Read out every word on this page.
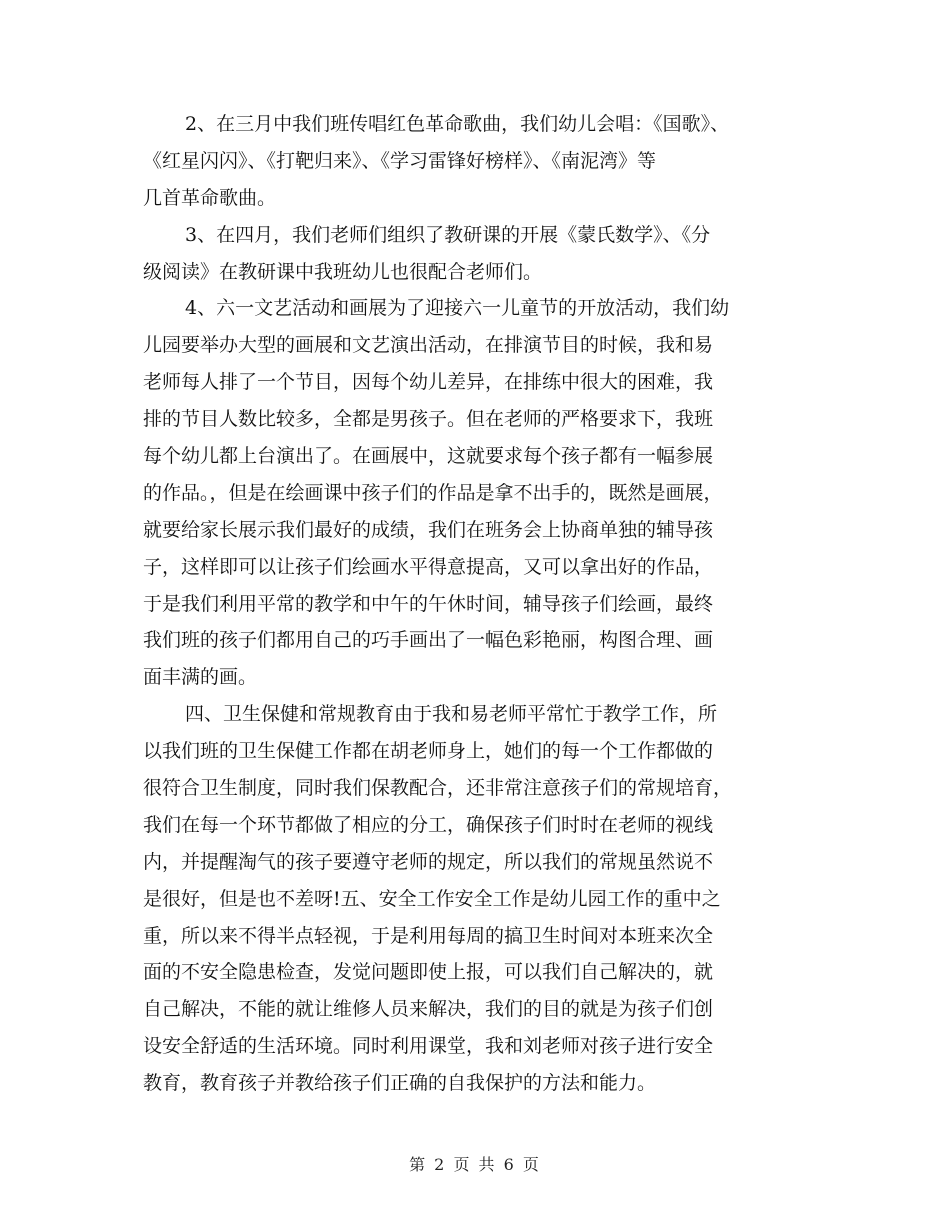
2、在三月中我们班传唱红色革命歌曲，我们幼儿会唱：《国歌》、
《红星闪闪》、《打靶归来》、《学习雷锋好榜样》、《南泥湾》等
几首革命歌曲。
3、在四月，我们老师们组织了教研课的开展《蒙氏数学》、《分
级阅读》在教研课中我班幼儿也很配合老师们。
4、六一文艺活动和画展为了迎接六一儿童节的开放活动，我们幼
儿园要举办大型的画展和文艺演出活动，在排演节目的时候，我和易
老师每人排了一个节目，因每个幼儿差异，在排练中很大的困难，我
排的节目人数比较多，全都是男孩子。但在老师的严格要求下，我班
每个幼儿都上台演出了。在画展中，这就要求每个孩子都有一幅参展
的作品。，但是在绘画课中孩子们的作品是拿不出手的，既然是画展，
就要给家长展示我们最好的成绩，我们在班务会上协商单独的辅导孩
子，这样即可以让孩子们绘画水平得意提高，又可以拿出好的作品，
于是我们利用平常的教学和中午的午休时间，辅导孩子们绘画，最终
我们班的孩子们都用自己的巧手画出了一幅色彩艳丽，构图合理、画
面丰满的画。
四、卫生保健和常规教育由于我和易老师平常忙于教学工作，所
以我们班的卫生保健工作都在胡老师身上，她们的每一个工作都做的
很符合卫生制度，同时我们保教配合，还非常注意孩子们的常规培育，
我们在每一个环节都做了相应的分工，确保孩子们时时在老师的视线
内，并提醒淘气的孩子要遵守老师的规定，所以我们的常规虽然说不
是很好，但是也不差呀!五、安全工作安全工作是幼儿园工作的重中之
重，所以来不得半点轻视，于是利用每周的搞卫生时间对本班来次全
面的不安全隐患检查，发觉问题即使上报，可以我们自己解决的，就
自己解决，不能的就让维修人员来解决，我们的目的就是为孩子们创
设安全舒适的生活环境。同时利用课堂，我和刘老师对孩子进行安全
教育，教育孩子并教给孩子们正确的自我保护的方法和能力。
第 2 页 共 6 页
